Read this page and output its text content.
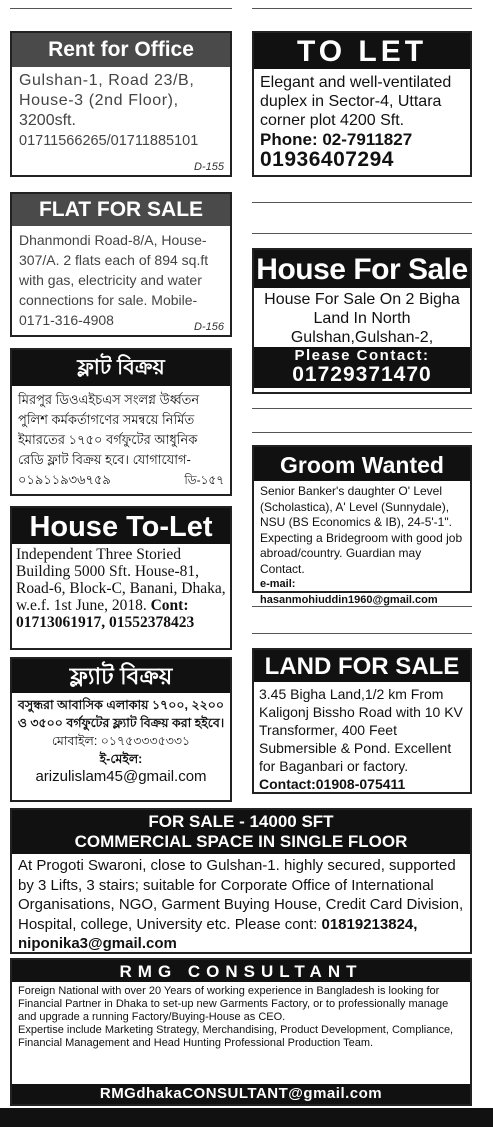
Rent for Office
Gulshan-1, Road 23/B,
House-3 (2nd Floor),
3200sft.
01711566265/01711885101
D-155
TO LET
Elegant and well-ventilated duplex in Sector-4, Uttara corner plot 4200 Sft.
Phone: 02-7911827
01936407294
FLAT FOR SALE
Dhanmondi Road-8/A, House-307/A. 2 flats each of 894 sq.ft with gas, electricity and water connections for sale. Mobile-0171-316-4908	D-156
House For Sale
House For Sale On 2 Bigha Land In North Gulshan,Gulshan-2,
Please Contact:
01729371470
ফ্লাট বিক্রয়
মিরপুর ডিওএইচএস সংলগ্ন উর্ধ্বতন পুলিশ কর্মকর্তাগণের সমন্বয়ে নির্মিত ইমারতের ১৭৫০ বর্গফুটের আধুনিক রেডি ফ্লাট বিক্রয় হবে। যোগাযোগ-
০১৯১১৯৩৬৭৫৯	ডি-১৫৭
Groom Wanted
Senior Banker's daughter O' Level (Scholastica), A' Level (Sunnydale), NSU (BS Economics & IB), 24-5'-1". Expecting a Bridegroom with good job abroad/country. Guardian may Contact.
e-mail: hasanmohiuddin1960@gmail.com
House To-Let
Independent Three Storied Building 5000 Sft. House-81, Road-6, Block-C, Banani, Dhaka, w.e.f. 1st June, 2018. Cont: 01713061917, 01552378423
ফ্ল্যাট বিক্রয়
বসুন্ধরা আবাসিক এলাকায় ১৭০০, ২২০০ ও ৩৫০০ বর্গফুটের ফ্ল্যাট বিক্রয় করা হইবে।
মোবাইল: ০১৭৫৩৩৩৫৩৩১
ই-মেইল:
arizulislam45@gmail.com
LAND FOR SALE
3.45 Bigha Land,1/2 km From Kaligonj Bissho Road with 10 KV Transformer, 400 Feet Submersible & Pond. Excellent for Baganbari or factory.
Contact:01908-075411
FOR SALE - 14000 SFT
COMMERCIAL SPACE IN SINGLE FLOOR
At Progoti Swaroni, close to Gulshan-1. highly secured, supported by 3 Lifts, 3 stairs; suitable for Corporate Office of International Organisations, NGO, Garment Buying House, Credit Card Division, Hospital, college, University etc. Please cont: 01819213824, niponika3@gmail.com
RMG CONSULTANT
Foreign National with over 20 Years of working experience in Bangladesh is looking for Financial Partner in Dhaka to set-up new Garments Factory, or to professionally manage and upgrade a running Factory/Buying-House as CEO.
Expertise include Marketing Strategy, Merchandising, Product Development, Compliance, Financial Management and Head Hunting Professional Production Team.
RMGdhakaCONSULTANT@gmail.com
